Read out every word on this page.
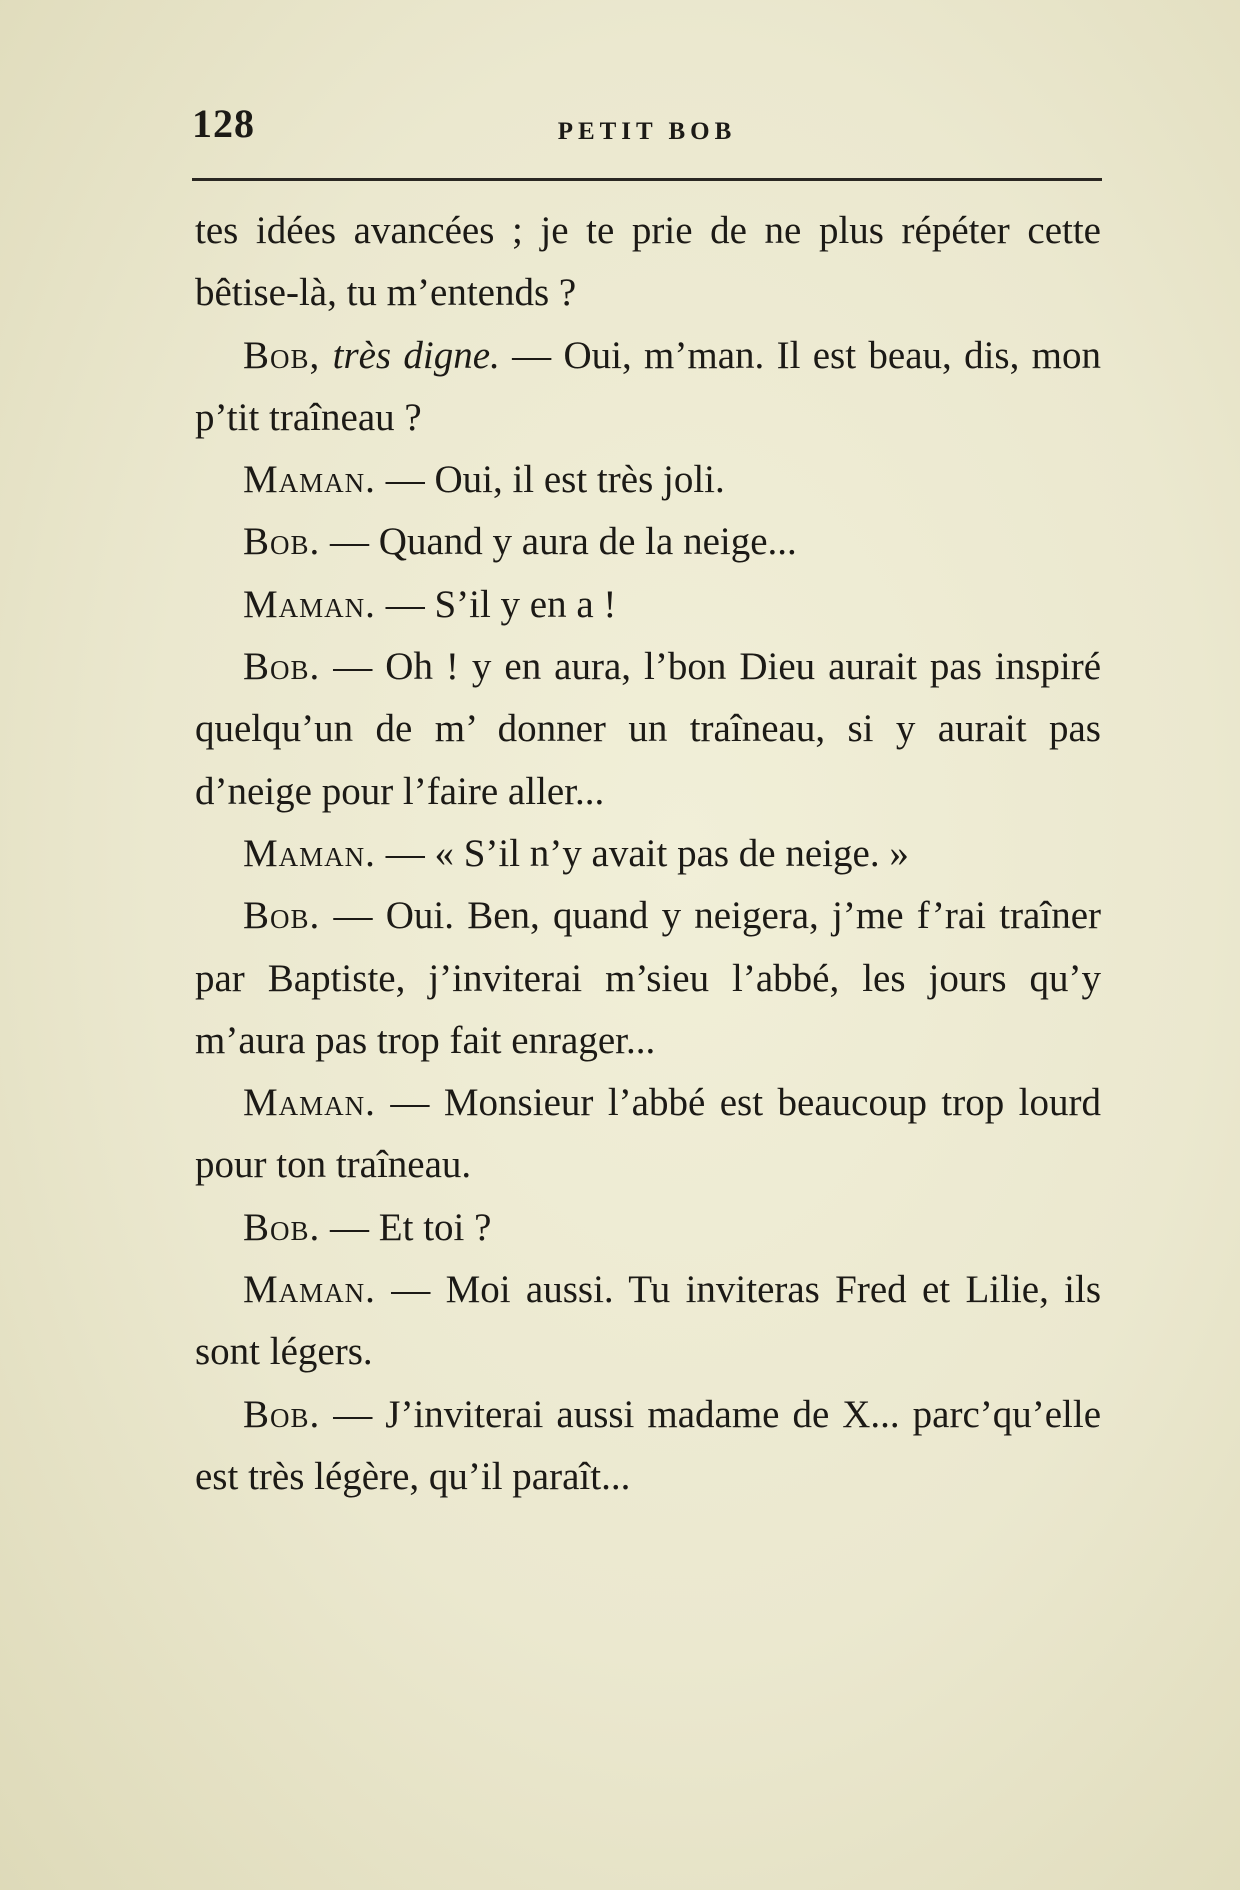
128	PETIT BOB

tes idées avancées ; je te prie de ne plus répéter cette bêtise-là, tu m’entends ?

Bob, très digne. — Oui, m’man. Il est beau, dis, mon p’tit traîneau ?

Maman. — Oui, il est très joli.

Bob. — Quand y aura de la neige...

Maman. — S’il y en a !

Bob. — Oh ! y en aura, l’bon Dieu aurait pas inspiré quelqu’un de m’ donner un traîneau, si y aurait pas d’neige pour l’faire aller...

Maman. — « S’il n’y avait pas de neige. »

Bob. — Oui. Ben, quand y neigera, j’me f’rai traîner par Baptiste, j’inviterai m’sieu l’abbé, les jours qu’y m’aura pas trop fait enrager...

Maman. — Monsieur l’abbé est beaucoup trop lourd pour ton traîneau.

Bob. — Et toi ?

Maman. — Moi aussi. Tu inviteras Fred et Lilie, ils sont légers.

Bob. — J’inviterai aussi madame de X... parc’qu’elle est très légère, qu’il paraît...
